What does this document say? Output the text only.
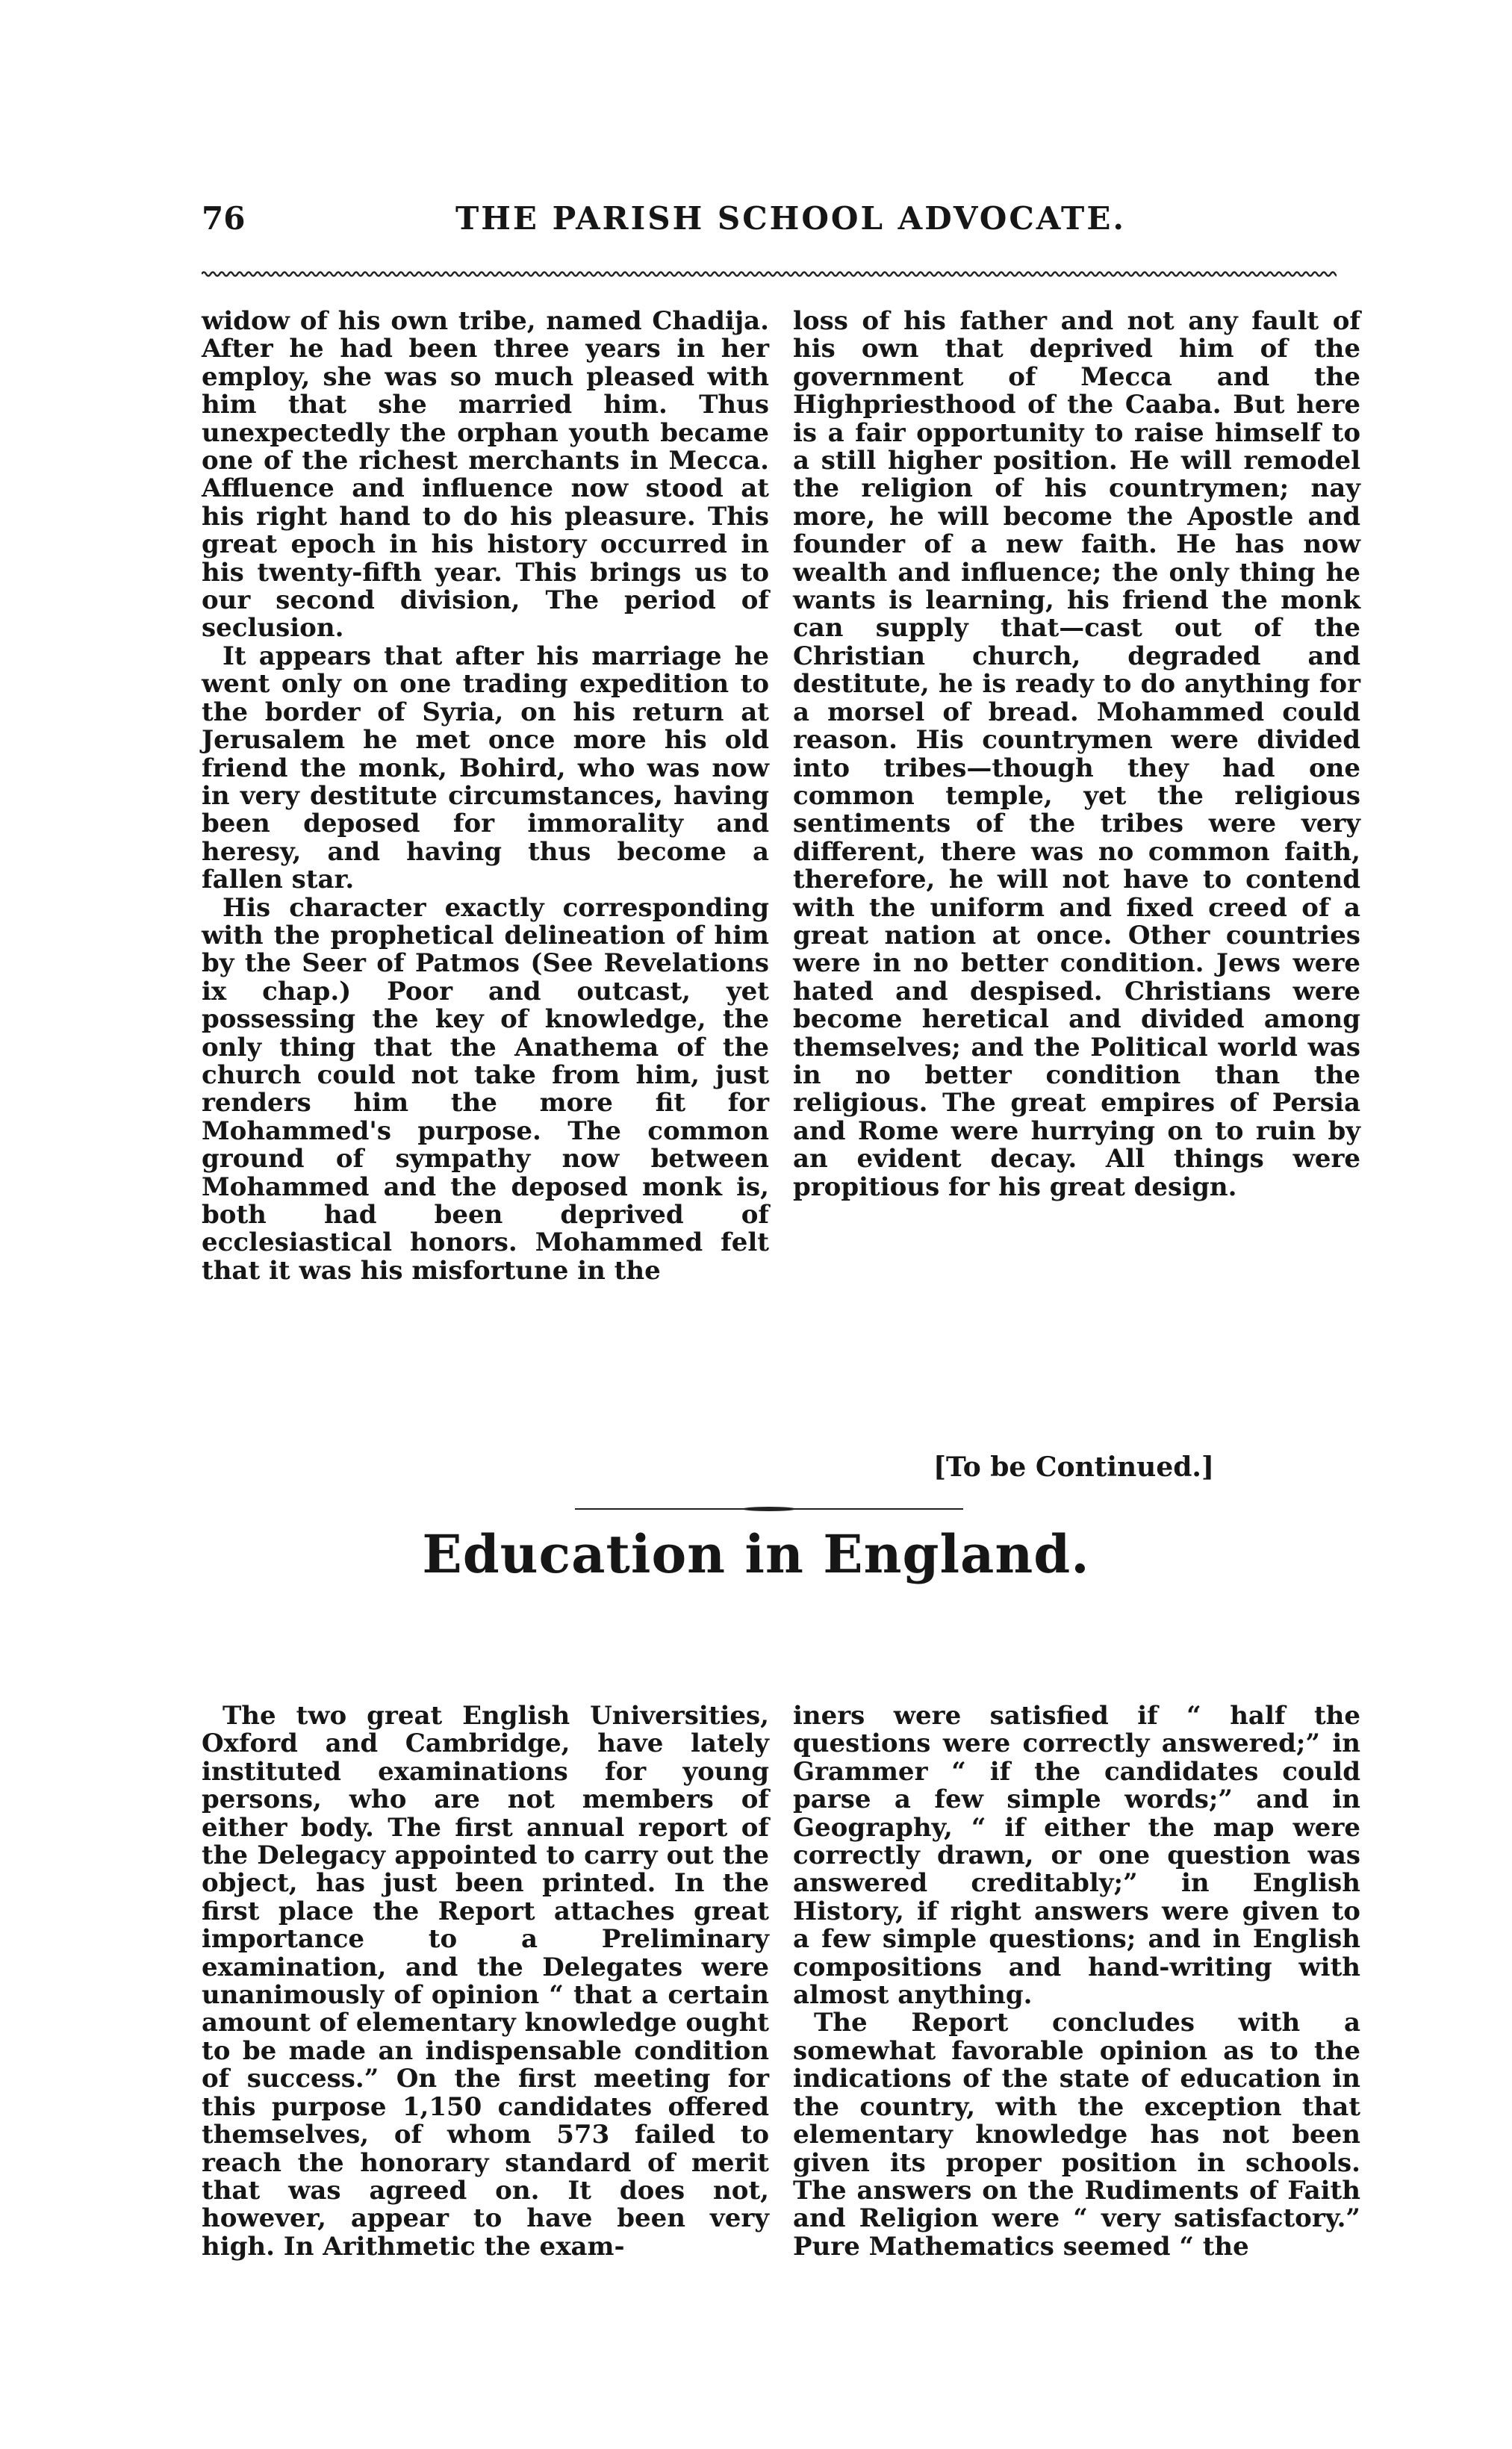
76	THE PARISH SCHOOL ADVOCATE.

widow of his own tribe, named Chadija. After he had been three years in her employ, she was so much pleased with him that she married him. Thus unexpectedly the orphan youth became one of the richest merchants in Mecca. Affluence and influence now stood at his right hand to do his pleasure. This great epoch in his history occurred in his twenty-fifth year. This brings us to our second division, The period of seclusion.

It appears that after his marriage he went only on one trading expedition to the border of Syria, on his return at Jerusalem he met once more his old friend the monk, Bohird, who was now in very destitute circumstances, having been deposed for immorality and heresy, and having thus become a fallen star.

His character exactly corresponding with the prophetical delineation of him by the Seer of Patmos (See Revelations ix chap.) Poor and outcast, yet possessing the key of knowledge, the only thing that the Anathema of the church could not take from him, just renders him the more fit for Mohammed's purpose. The common ground of sympathy now between Mohammed and the deposed monk is, both had been deprived of ecclesiastical honors. Mohammed felt that it was his misfortune in the

loss of his father and not any fault of his own that deprived him of the government of Mecca and the Highpriesthood of the Caaba. But here is a fair opportunity to raise himself to a still higher position. He will remodel the religion of his countrymen; nay more, he will become the Apostle and founder of a new faith. He has now wealth and influence; the only thing he wants is learning, his friend the monk can supply that—cast out of the Christian church, degraded and destitute, he is ready to do anything for a morsel of bread. Mohammed could reason. His countrymen were divided into tribes—though they had one common temple, yet the religious sentiments of the tribes were very different, there was no common faith, therefore, he will not have to contend with the uniform and fixed creed of a great nation at once. Other countries were in no better condition. Jews were hated and despised. Christians were become heretical and divided among themselves; and the Political world was in no better condition than the religious. The great empires of Persia and Rome were hurrying on to ruin by an evident decay. All things were propitious for his great design.

[To be Continued.]
Education in England.

The two great English Universities, Oxford and Cambridge, have lately instituted examinations for young persons, who are not members of either body. The first annual report of the Delegacy appointed to carry out the object, has just been printed. In the first place the Report attaches great importance to a Preliminary examination, and the Delegates were unanimously of opinion “ that a certain amount of elementary knowledge ought to be made an indispensable condition of success.” On the first meeting for this purpose 1,150 candidates offered themselves, of whom 573 failed to reach the honorary standard of merit that was agreed on. It does not, however, appear to have been very high. In Arithmetic the exam-

iners were satisfied if “ half the questions were correctly answered;” in Grammer “ if the candidates could parse a few simple words;” and in Geography, “ if either the map were correctly drawn, or one question was answered creditably;” in English History, if right answers were given to a few simple questions; and in English compositions and hand-writing with almost anything.

The Report concludes with a somewhat favorable opinion as to the indications of the state of education in the country, with the exception that elementary knowledge has not been given its proper position in schools. The answers on the Rudiments of Faith and Religion were “ very satisfactory.” Pure Mathematics seemed “ the
